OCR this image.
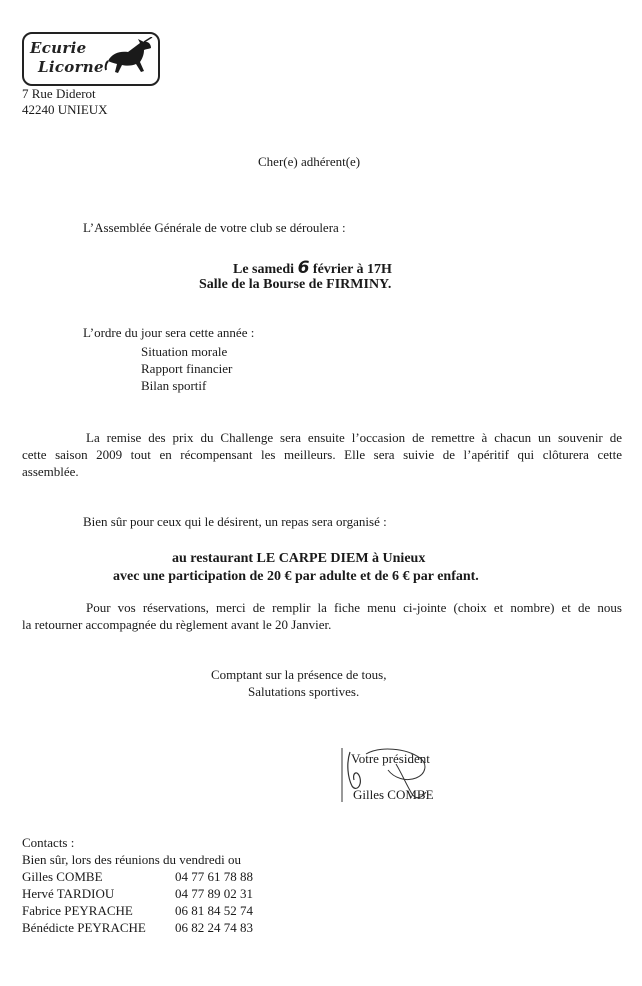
Ecurie
Licorne
7 Rue Diderot
42240 UNIEUX
Cher(e) adhérent(e)
L’Assemblée Générale de votre club se déroulera :
Le samedi 6 février à 17H
Salle de la Bourse de FIRMINY.
L’ordre du jour sera cette année :
Situation morale
Rapport financier
Bilan sportif
La remise des prix du Challenge sera ensuite l’occasion de remettre à chacun un souvenir de
cette saison 2009 tout en récompensant les meilleurs. Elle sera suivie de l’apéritif qui clôturera cette
assemblée.
Bien sûr pour ceux qui le désirent, un repas sera organisé :
au restaurant LE CARPE DIEM à Unieux
avec une participation de 20 € par adulte et de 6 € par enfant.
Pour vos réservations, merci de remplir la fiche menu ci-jointe (choix et nombre) et de nous
la retourner accompagnée du règlement avant le 20 Janvier.
Comptant sur la présence de tous,
Salutations sportives.
Votre président
Gilles COMBE
Contacts :
Bien sûr, lors des réunions du vendredi ou
Gilles COMBE	04 77 61 78 88
Hervé TARDIOU	04 77 89 02 31
Fabrice PEYRACHE	06 81 84 52 74
Bénédicte PEYRACHE 06 82 24 74 83
